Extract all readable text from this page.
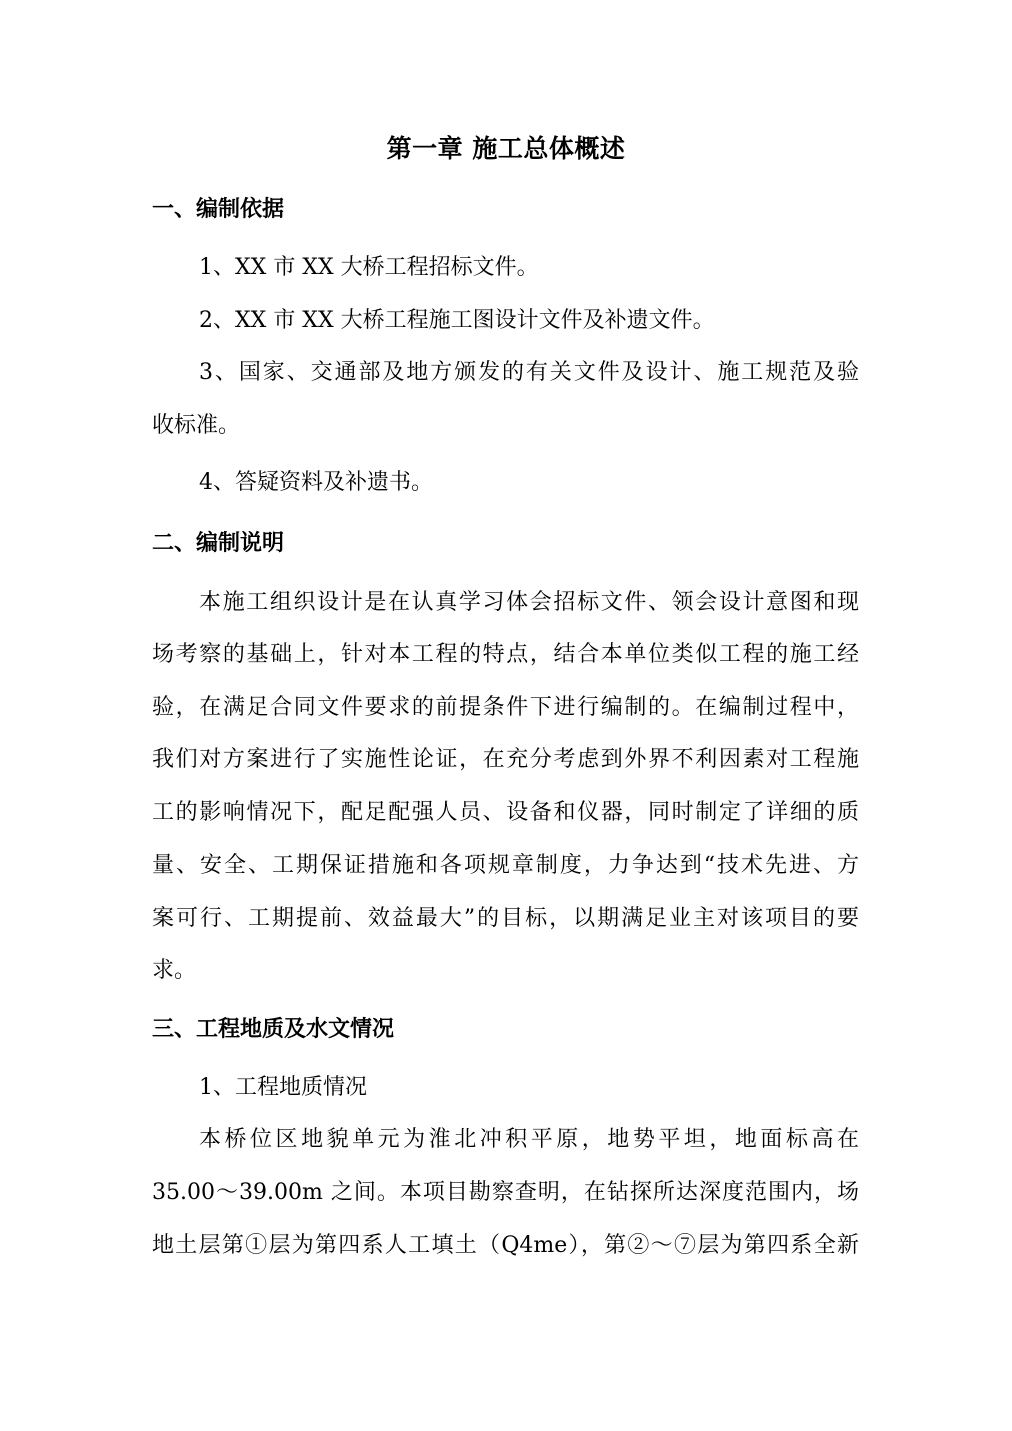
第一章 施工总体概述
一、编制依据
1、XX 市 XX 大桥工程招标文件。
2、XX 市 XX 大桥工程施工图设计文件及补遗文件。
3、国家、交通部及地方颁发的有关文件及设计、施工规范及验
收标准。
4、答疑资料及补遗书。
二、编制说明
本施工组织设计是在认真学习体会招标文件、领会设计意图和现
场考察的基础上，针对本工程的特点，结合本单位类似工程的施工经
验，在满足合同文件要求的前提条件下进行编制的。在编制过程中，
我们对方案进行了实施性论证，在充分考虑到外界不利因素对工程施
工的影响情况下，配足配强人员、设备和仪器，同时制定了详细的质
量、安全、工期保证措施和各项规章制度，力争达到“技术先进、方
案可行、工期提前、效益最大”的目标，以期满足业主对该项目的要
求。
三、工程地质及水文情况
1、工程地质情况
本桥位区地貌单元为淮北冲积平原，地势平坦，地面标高在
35.00～39.00m 之间。本项目勘察查明，在钻探所达深度范围内，场
地土层第①层为第四系人工填土（Q4me），第②～⑦层为第四系全新
